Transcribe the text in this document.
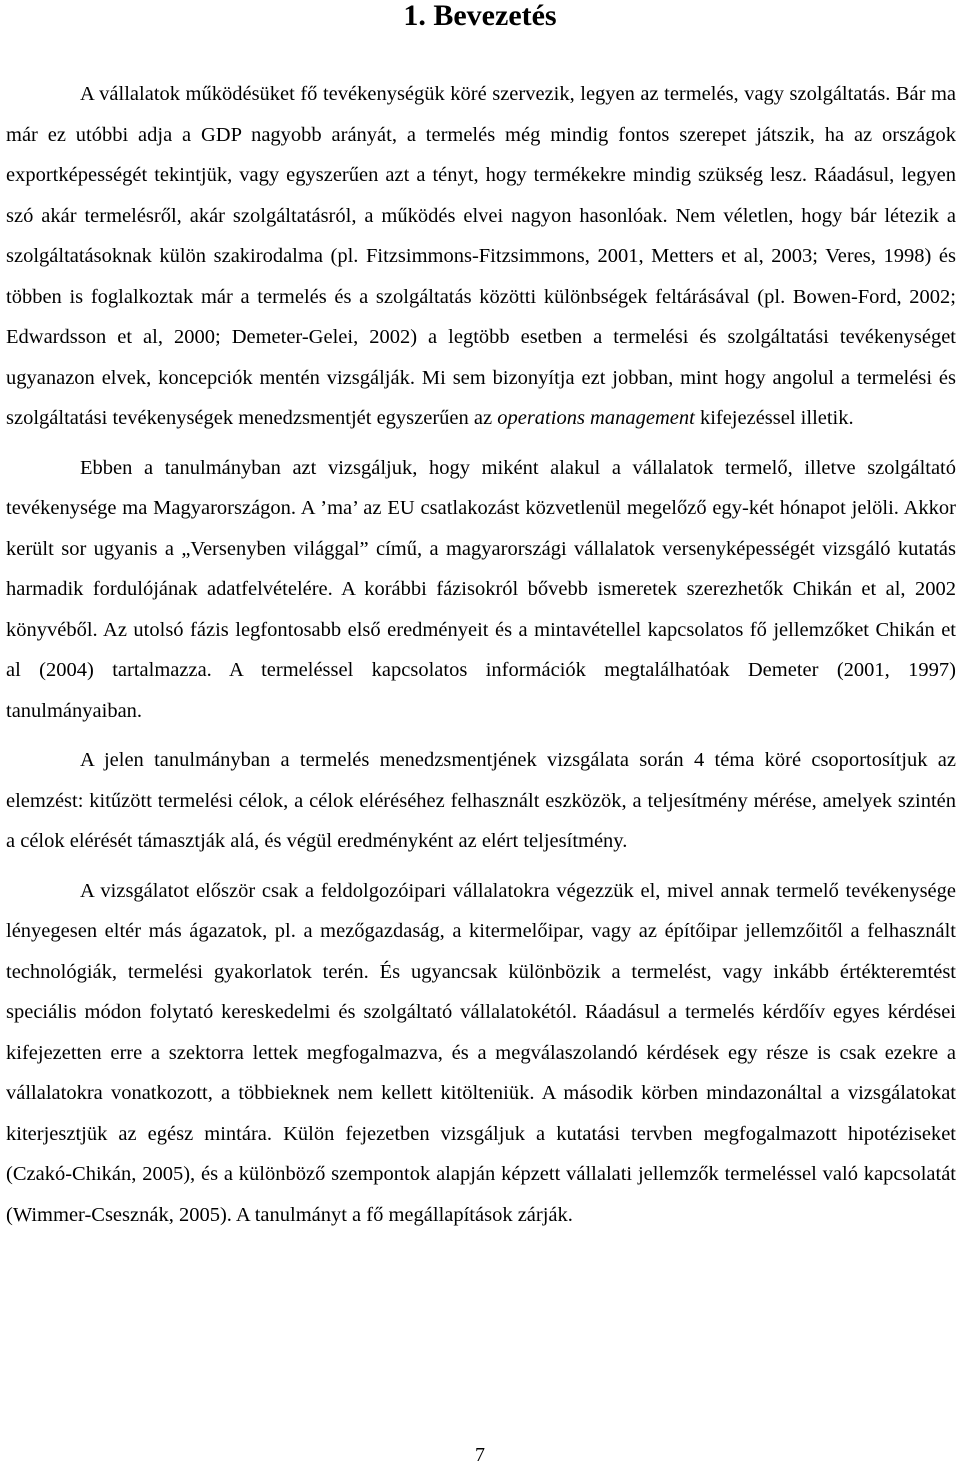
1. Bevezetés

A vállalatok működésüket fő tevékenységük köré szervezik, legyen az termelés, vagy szolgáltatás. Bár ma már ez utóbbi adja a GDP nagyobb arányát, a termelés még mindig fontos szerepet játszik, ha az országok exportképességét tekintjük, vagy egyszerűen azt a tényt, hogy termékekre mindig szükség lesz. Ráadásul, legyen szó akár termelésről, akár szolgáltatásról, a működés elvei nagyon hasonlóak. Nem véletlen, hogy bár létezik a szolgáltatásoknak külön szakirodalma (pl. Fitzsimmons-Fitzsimmons, 2001, Metters et al, 2003; Veres, 1998) és többen is foglalkoztak már a termelés és a szolgáltatás közötti különbségek feltárásával (pl. Bowen-Ford, 2002; Edwardsson et al, 2000; Demeter-Gelei, 2002) a legtöbb esetben a termelési és szolgáltatási tevékenységet ugyanazon elvek, koncepciók mentén vizsgálják. Mi sem bizonyítja ezt jobban, mint hogy angolul a termelési és szolgáltatási tevékenységek menedzsmentjét egyszerűen az operations management kifejezéssel illetik.

Ebben a tanulmányban azt vizsgáljuk, hogy miként alakul a vállalatok termelő, illetve szolgáltató tevékenysége ma Magyarországon. A ’ma’ az EU csatlakozást közvetlenül megelőző egy-két hónapot jelöli. Akkor került sor ugyanis a „Versenyben világgal” című, a magyarországi vállalatok versenyképességét vizsgáló kutatás harmadik fordulójának adatfelvételére. A korábbi fázisokról bővebb ismeretek szerezhetők Chikán et al, 2002 könyvéből. Az utolsó fázis legfontosabb első eredményeit és a mintavétellel kapcsolatos fő jellemzőket Chikán et al (2004) tartalmazza. A termeléssel kapcsolatos információk megtalálhatóak Demeter (2001, 1997) tanulmányaiban.

A jelen tanulmányban a termelés menedzsmentjének vizsgálata során 4 téma köré csoportosítjuk az elemzést: kitűzött termelési célok, a célok eléréséhez felhasznált eszközök, a teljesítmény mérése, amelyek szintén a célok elérését támasztják alá, és végül eredményként az elért teljesítmény.

A vizsgálatot először csak a feldolgozóipari vállalatokra végezzük el, mivel annak termelő tevékenysége lényegesen eltér más ágazatok, pl. a mezőgazdaság, a kitermelőipar, vagy az építőipar jellemzőitől a felhasznált technológiák, termelési gyakorlatok terén. És ugyancsak különbözik a termelést, vagy inkább értékteremtést speciális módon folytató kereskedelmi és szolgáltató vállalatokétól. Ráadásul a termelés kérdőív egyes kérdései kifejezetten erre a szektorra lettek megfogalmazva, és a megválaszolandó kérdések egy része is csak ezekre a vállalatokra vonatkozott, a többieknek nem kellett kitölteniük. A második körben mindazonáltal a vizsgálatokat kiterjesztjük az egész mintára. Külön fejezetben vizsgáljuk a kutatási tervben megfogalmazott hipotéziseket (Czakó-Chikán, 2005), és a különböző szempontok alapján képzett vállalati jellemzők termeléssel való kapcsolatát (Wimmer-Csesznák, 2005). A tanulmányt a fő megállapítások zárják.

7
